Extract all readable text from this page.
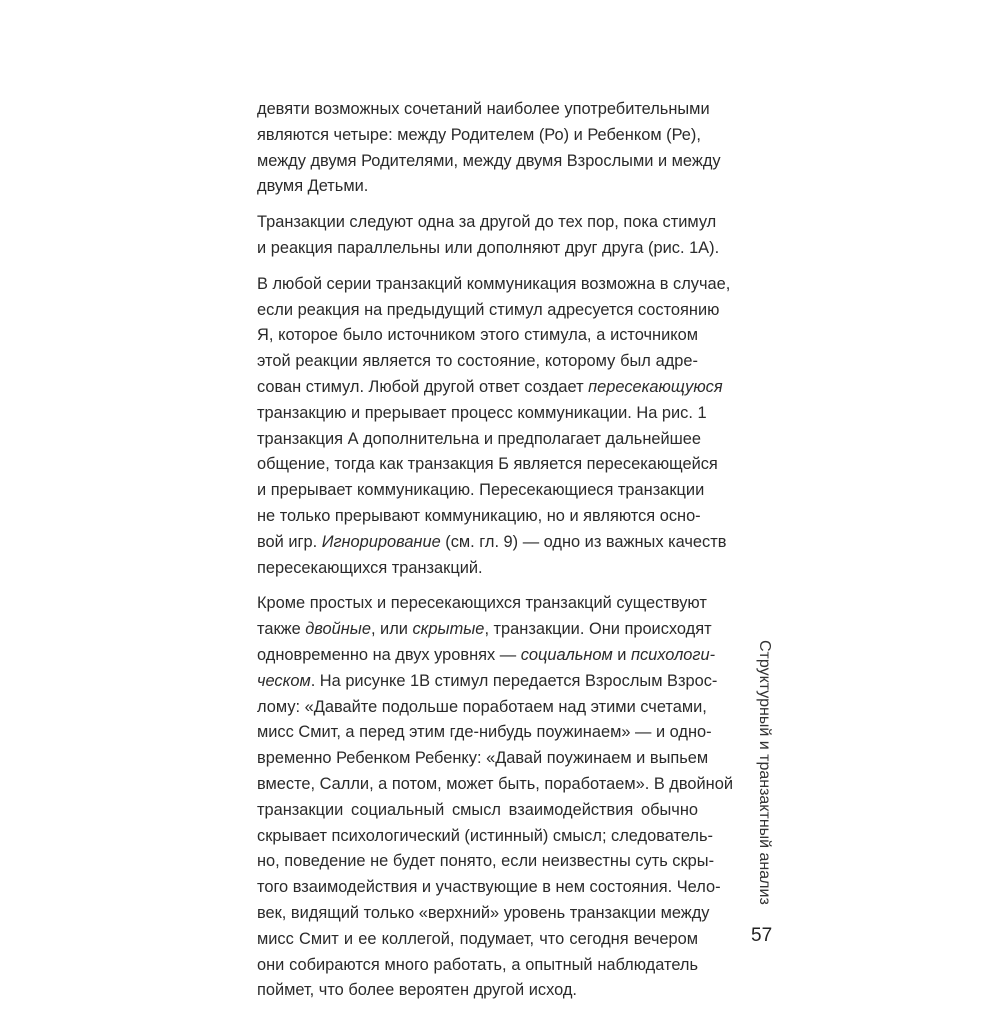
девяти возможных сочетаний наиболее употребительными
являются четыре: между Родителем (Ро) и Ребенком (Ре),
между двумя Родителями, между двумя Взрослыми и между
двумя Детьми.
Транзакции следуют одна за другой до тех пор, пока стимул
и реакция параллельны или дополняют друг друга (рис. 1А).
В любой серии транзакций коммуникация возможна в случае,
если реакция на предыдущий стимул адресуется состоянию
Я, которое было источником этого стимула, а источником
этой реакции является то состояние, которому был адре-
сован стимул. Любой другой ответ создает пересекающуюся
транзакцию и прерывает процесс коммуникации. На рис. 1
транзакция А дополнительна и предполагает дальнейшее
общение, тогда как транзакция Б является пересекающейся
и прерывает коммуникацию. Пересекающиеся транзакции
не только прерывают коммуникацию, но и являются осно-
вой игр. Игнорирование (см. гл. 9) — одно из важных качеств
пересекающихся транзакций.
Кроме простых и пересекающихся транзакций существуют
также двойные, или скрытые, транзакции. Они происходят
одновременно на двух уровнях — социальном и психологи-
ческом. На рисунке 1В стимул передается Взрослым Взрос-
лому: «Давайте подольше поработаем над этими счетами,
мисс Смит, а перед этим где-нибудь поужинаем» — и одно-
временно Ребенком Ребенку: «Давай поужинаем и выпьем
вместе, Салли, а потом, может быть, поработаем». В двойной
транзакции социальный смысл взаимодействия обычно
скрывает психологический (истинный) смысл; следователь-
но, поведение не будет понято, если неизвестны суть скры-
того взаимодействия и участвующие в нем состояния. Чело-
век, видящий только «верхний» уровень транзакции между
мисс Смит и ее коллегой, подумает, что сегодня вечером
они собираются много работать, а опытный наблюдатель
поймет, что более вероятен другой исход.
Структурный и транзактный анализ
57
